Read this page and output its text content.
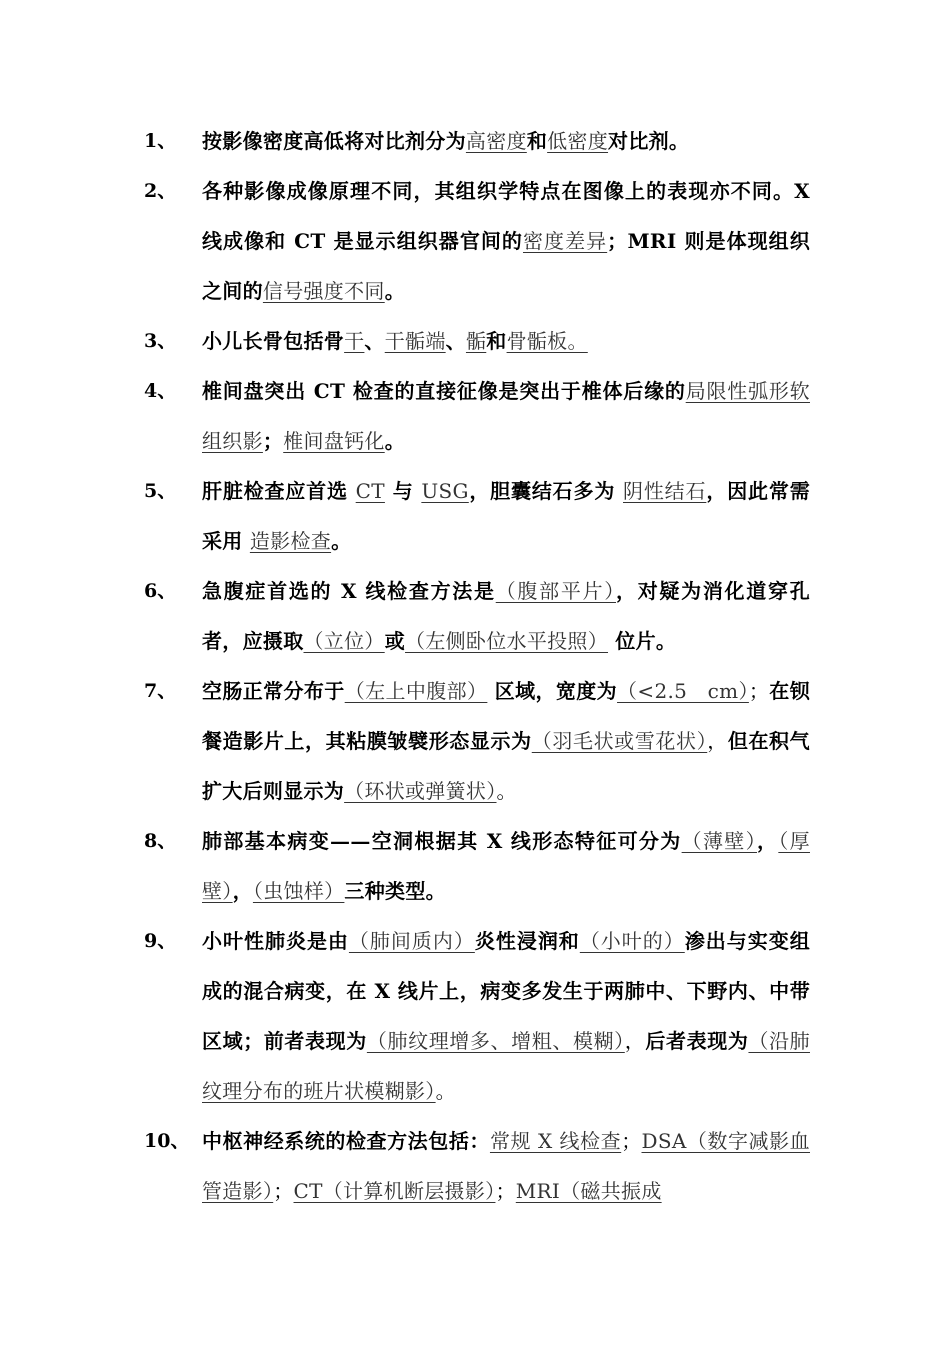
1、 按影像密度高低将对比剂分为高密度和低密度对比剂。
2、 各种影像成像原理不同，其组织学特点在图像上的表现亦不同。X 线成像和 CT 是显示组织器官间的密度差异；MRI 则是体现组织之间的信号强度不同。
3、 小儿长骨包括骨干、干骺端、骺和骨骺板。
4、 椎间盘突出 CT 检查的直接征像是突出于椎体后缘的局限性弧形软组织影；椎间盘钙化。
5、 肝脏检查应首选 CT 与 USG，胆囊结石多为 阴性结石，因此常需采用 造影检查。
6、 急腹症首选的 X 线检查方法是（腹部平片），对疑为消化道穿孔者，应摄取（立位）或（左侧卧位水平投照） 位片。
7、 空肠正常分布于（左上中腹部） 区域，宽度为（<2.5　cm）；在钡餐造影片上，其粘膜皱襞形态显示为（羽毛状或雪花状），但在积气扩大后则显示为（环状或弹簧状）。
8、 肺部基本病变——空洞根据其 X 线形态特征可分为（薄壁），（厚壁），（虫蚀样）三种类型。
9、 小叶性肺炎是由（肺间质内）炎性浸润和（小叶的）渗出与实变组成的混合病变，在 X 线片上，病变多发生于两肺中、下野内、中带区域；前者表现为（肺纹理增多、增粗、模糊），后者表现为（沿肺纹理分布的班片状模糊影）。
10、 中枢神经系统的检查方法包括：常规 X 线检查；DSA（数字减影血管造影）；CT（计算机断层摄影）；MRI（磁共振成
